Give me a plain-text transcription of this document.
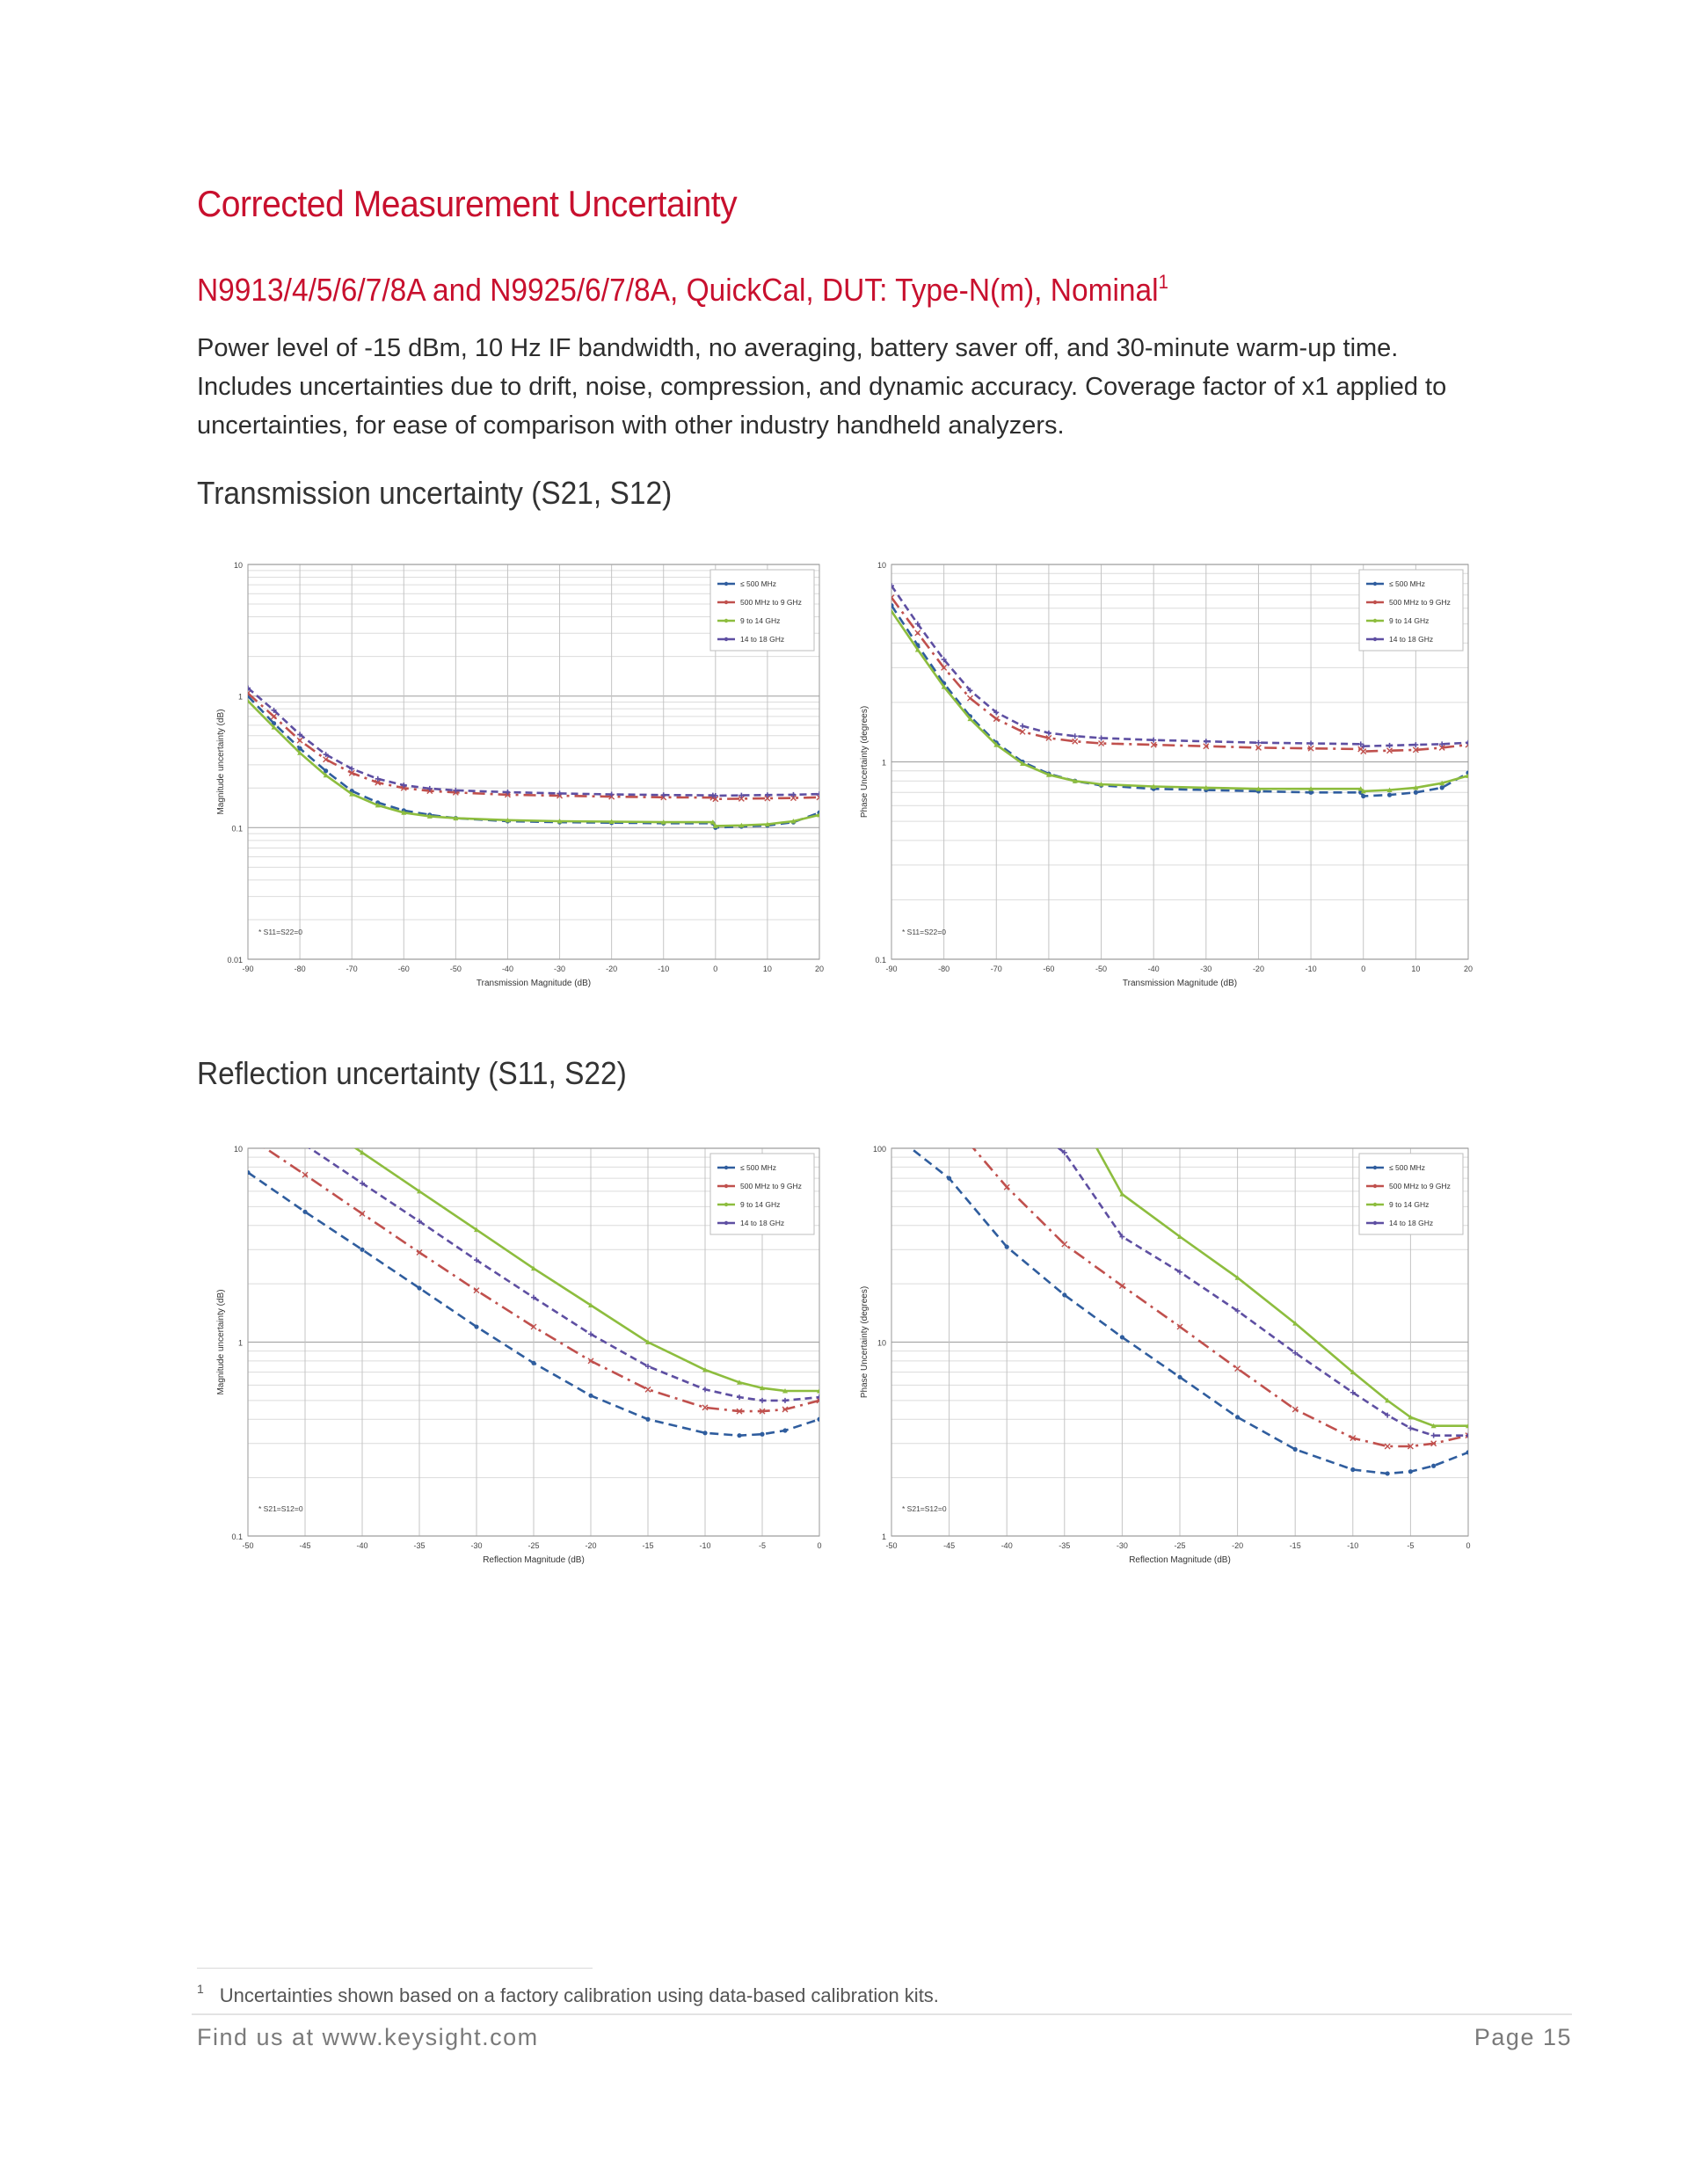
Corrected Measurement Uncertainty
N9913/4/5/6/7/8A and N9925/6/7/8A, QuickCal, DUT: Type-N(m), Nominal$^1$
Power level of -15 dBm, 10 Hz IF bandwidth, no averaging, battery saver off, and 30-minute warm-up time. Includes uncertainties due to drift, noise, compression, and dynamic accuracy. Coverage factor of x1 applied to uncertainties, for ease of comparison with other industry handheld analyzers.
Transmission uncertainty (S21, S12)
Reflection uncertainty (S11, S22)
0.01
0.1
1
10
-90	-80	-70	-60	-50	-40	-30	-20	-10	0	10	20
Transmission Magnitude (dB)
Magnitude uncertainty (dB)
≤ 500 MHz
500 MHz to 9 GHz
9 to 14 GHz
14 to 18 GHz
* S11=S22=0
0.1
1
10
-90	-80	-70	-60	-50	-40	-30	-20	-10	0	10	20
Transmission Magnitude (dB)
Phase Uncertainty (degrees)
≤ 500 MHz
500 MHz to 9 GHz
9 to 14 GHz
14 to 18 GHz
* S11=S22=0
0.1
1
10
-50	-45	-40	-35	-30	-25	-20	-15	-10	-5	0
Reflection Magnitude (dB)
Magnitude uncertainty (dB)
≤ 500 MHz
500 MHz to 9 GHz
9 to 14 GHz
14 to 18 GHz
* S21=S12=0
1
10
100
-50	-45	-40	-35	-30	-25	-20	-15	-10	-5	0
Reflection Magnitude (dB)
Phase Uncertainty (degrees)
≤ 500 MHz
500 MHz to 9 GHz
9 to 14 GHz
14 to 18 GHz
* S21=S12=0
$^1$ Uncertainties shown based on a factory calibration using data-based calibration kits.
Find us at www.keysight.com	Page 15
